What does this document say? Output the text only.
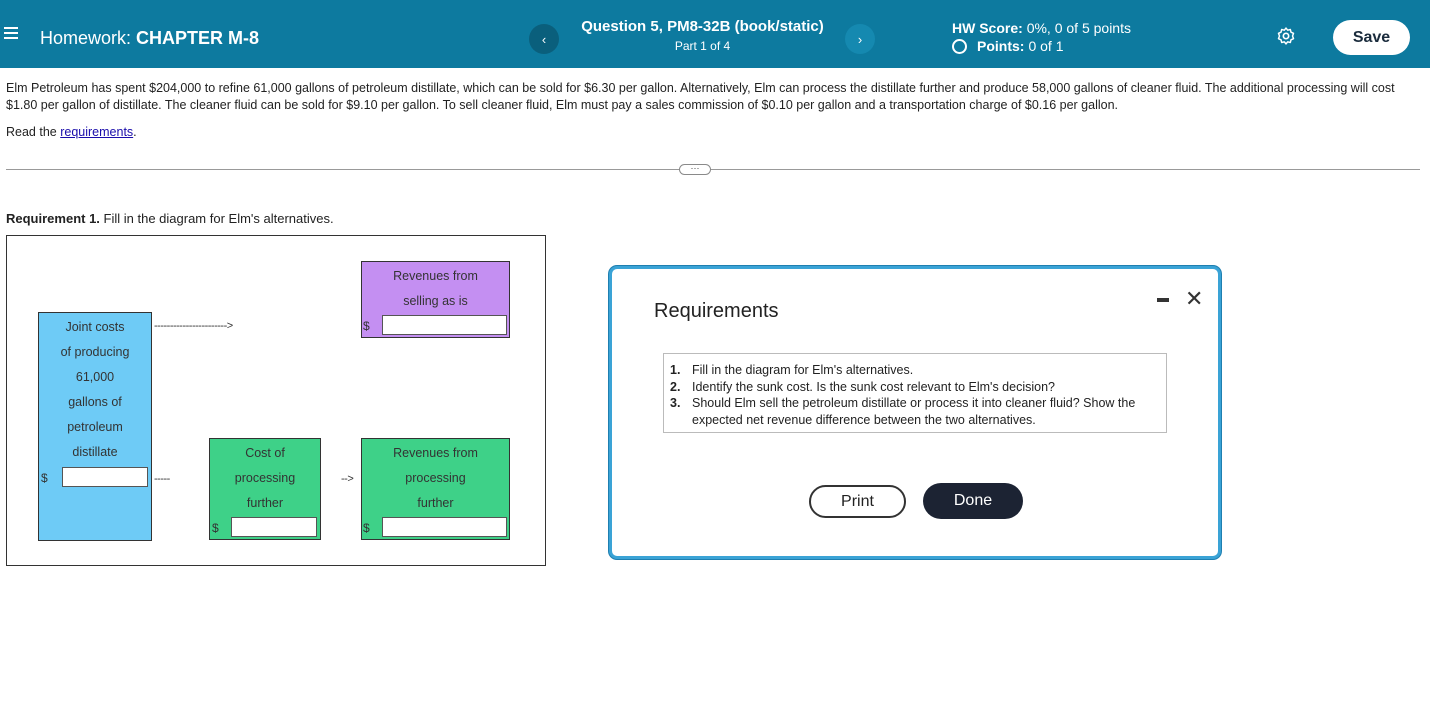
Homework: CHAPTER M-8	‹
Question 5, PM8-32B (book/static)
Part 1 of 4	›
HW Score: 0%, 0 of 5 points
Points: 0 of 1
Save
Elm Petroleum has spent $204,000 to refine 61,000 gallons of petroleum distillate, which can be sold for $6.30 per gallon. Alternatively, Elm can process the distillate further and produce 58,000 gallons of cleaner fluid. The additional processing will cost $1.80 per gallon of distillate. The cleaner fluid can be sold for $9.10 per gallon. To sell cleaner fluid, Elm must pay a sales commission of $0.10 per gallon and a transportation charge of $0.16 per gallon.
Read the requirements.
···
Requirement 1. Fill in the diagram for Elm's alternatives.
Joint costs
of producing
61,000
gallons of
petroleum
distillate
$
----------------------->
Revenues from
selling as is
$
-----
Cost of
processing
further
$
-->
Revenues from
processing
further
$
Requirements	✕
1. Fill in the diagram for Elm's alternatives.
2. Identify the sunk cost. Is the sunk cost relevant to Elm's decision?
3. Should Elm sell the petroleum distillate or process it into cleaner fluid? Show the expected net revenue difference between the two alternatives.
Print	Done
